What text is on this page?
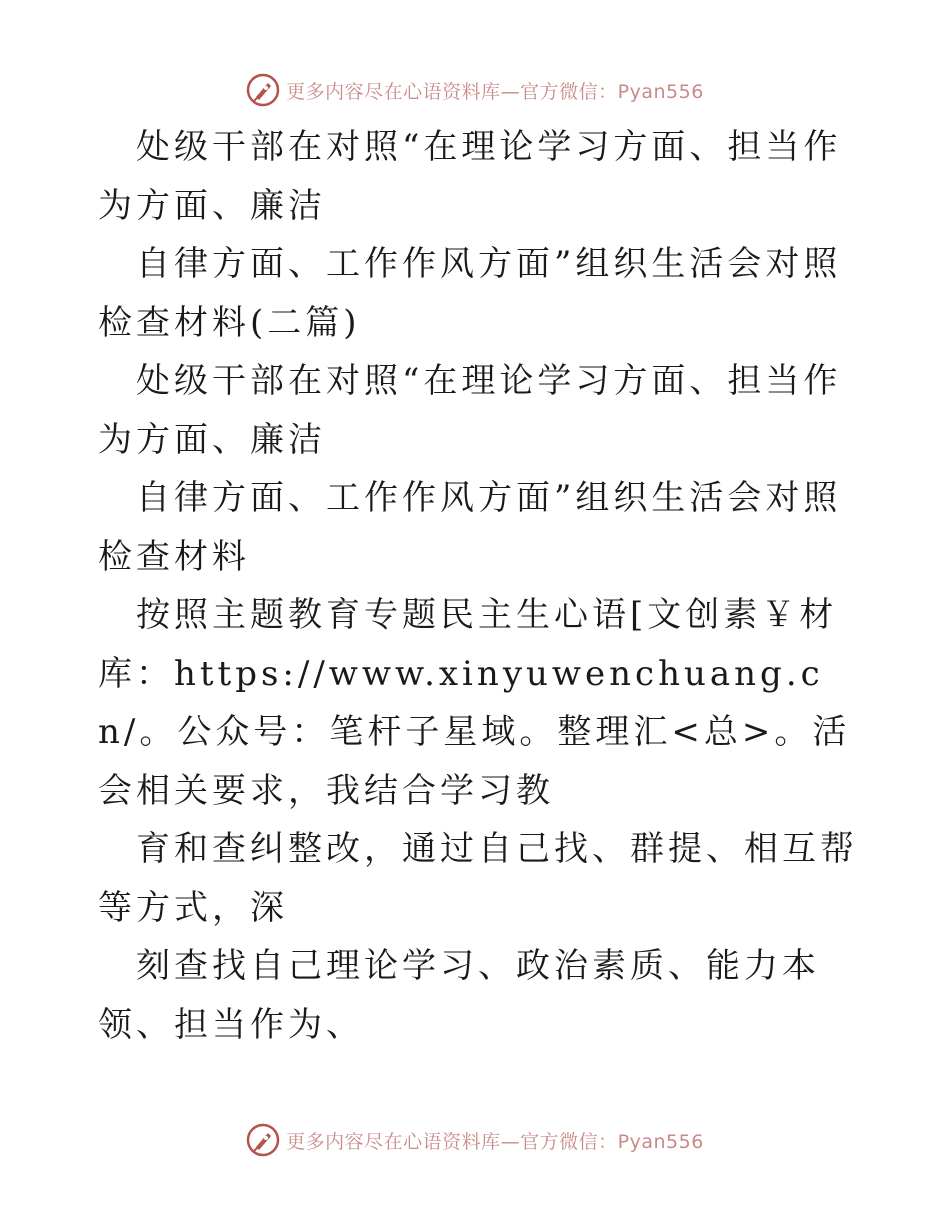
更多内容尽在心语资料库—官方微信：Pyan556

处级干部在对照“在理论学习方面、担当作为方面、廉洁

自律方面、工作作风方面”组织生活会对照检查材料(二篇)

处级干部在对照“在理论学习方面、担当作为方面、廉洁

自律方面、工作作风方面”组织生活会对照检查材料

按照主题教育专题民主生心语[文创素￥材库：https://www.xinyuwenchuang.cn/。公众号：笔杆子星域。整理汇<总>。活会相关要求，我结合学习教

育和查纠整改，通过自己找、群提、相互帮等方式，深

刻查找自己理论学习、政治素质、能力本领、担当作为、

更多内容尽在心语资料库—官方微信：Pyan556
